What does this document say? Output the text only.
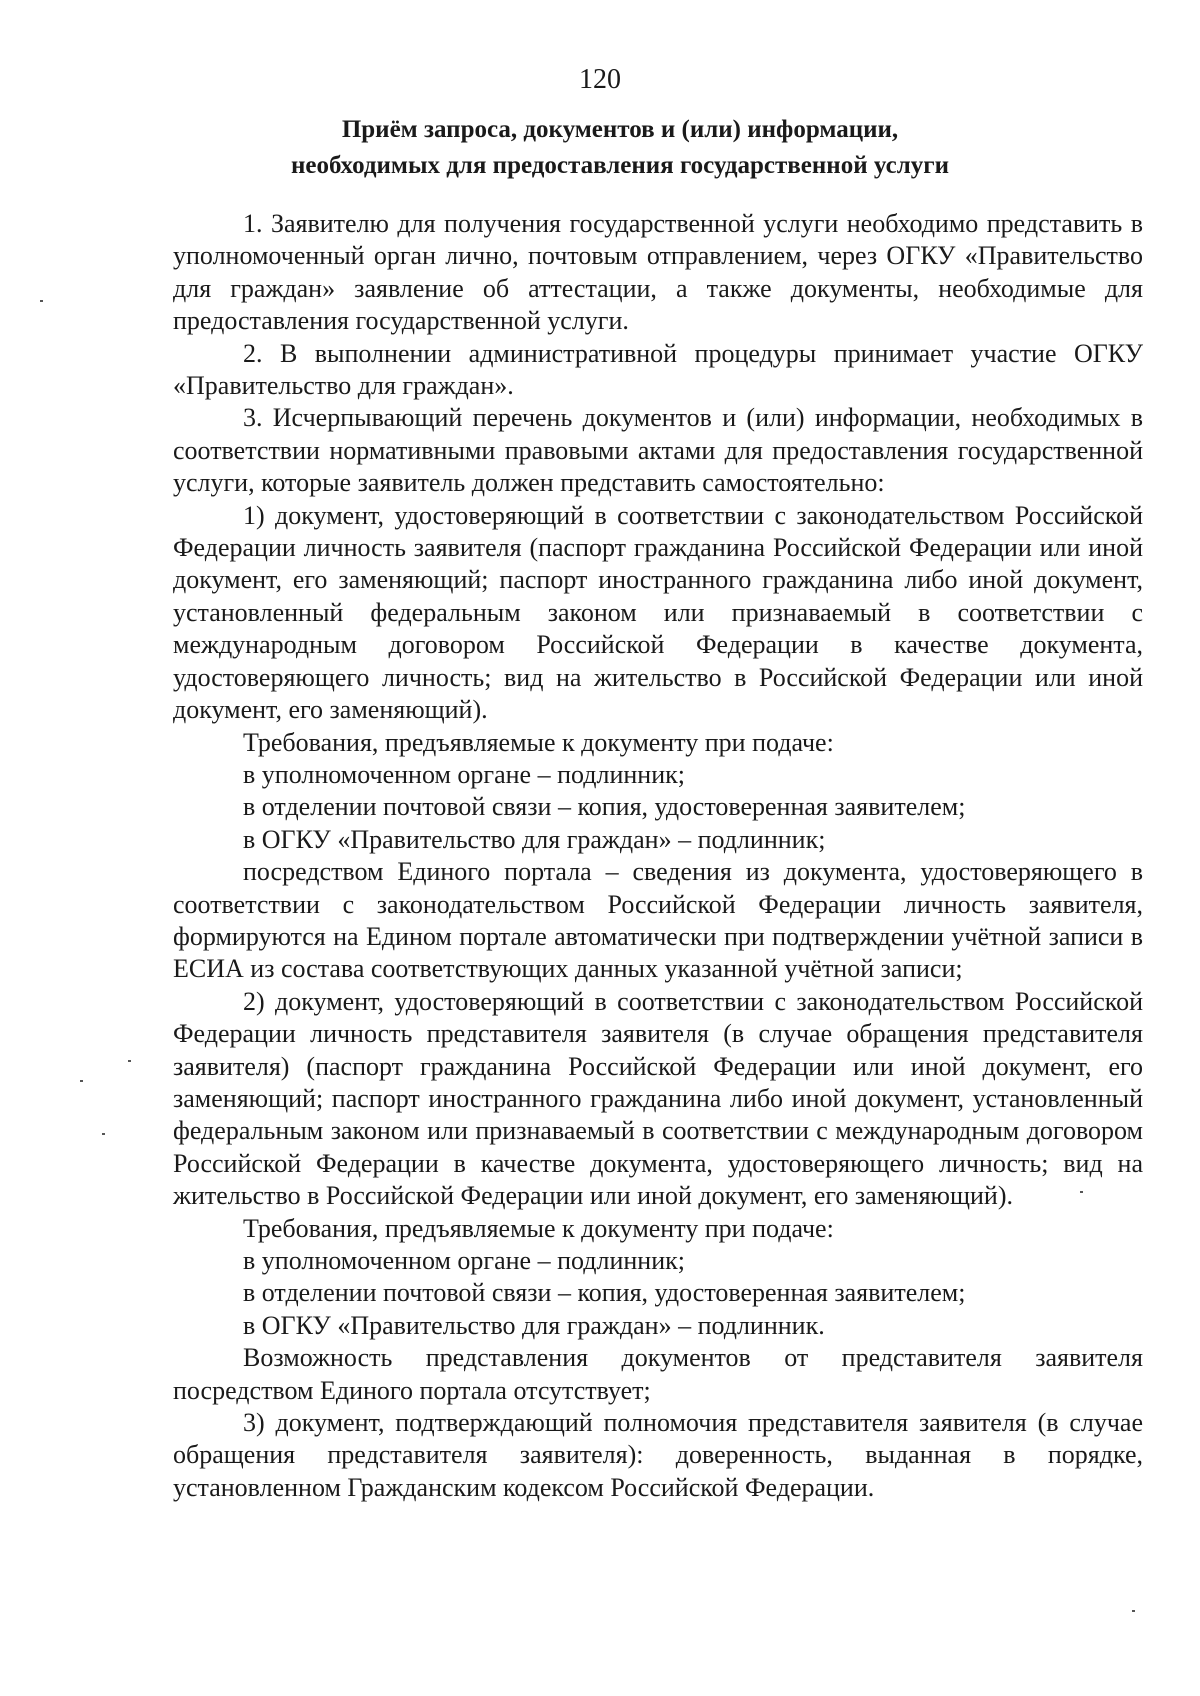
120
Приём запроса, документов и (или) информации,
необходимых для предоставления государственной услуги

1. Заявителю для получения государственной услуги необходимо представить в уполномоченный орган лично, почтовым отправлением, через ОГКУ «Правительство для граждан» заявление об аттестации, а также документы, необходимые для предоставления государственной услуги.

2. В выполнении административной процедуры принимает участие ОГКУ «Правительство для граждан».

3. Исчерпывающий перечень документов и (или) информации, необходимых в соответствии нормативными правовыми актами для предоставления государственной услуги, которые заявитель должен представить самостоятельно:

1) документ, удостоверяющий в соответствии с законодательством Российской Федерации личность заявителя (паспорт гражданина Российской Федерации или иной документ, его заменяющий; паспорт иностранного гражданина либо иной документ, установленный федеральным законом или признаваемый в соответствии с международным договором Российской Федерации в качестве документа, удостоверяющего личность; вид на жительство в Российской Федерации или иной документ, его заменяющий).

Требования, предъявляемые к документу при подаче:

в уполномоченном органе – подлинник;

в отделении почтовой связи – копия, удостоверенная заявителем;

в ОГКУ «Правительство для граждан» – подлинник;

посредством Единого портала – сведения из документа, удостоверяющего в соответствии с законодательством Российской Федерации личность заявителя, формируются на Едином портале автоматически при подтверждении учётной записи в ЕСИА из состава соответствующих данных указанной учётной записи;

2) документ, удостоверяющий в соответствии с законодательством Российской Федерации личность представителя заявителя (в случае обращения представителя заявителя) (паспорт гражданина Российской Федерации или иной документ, его заменяющий; паспорт иностранного гражданина либо иной документ, установленный федеральным законом или признаваемый в соответствии с международным договором Российской Федерации в качестве документа, удостоверяющего личность; вид на жительство в Российской Федерации или иной документ, его заменяющий).

Требования, предъявляемые к документу при подаче:

в уполномоченном органе – подлинник;

в отделении почтовой связи – копия, удостоверенная заявителем;

в ОГКУ «Правительство для граждан» – подлинник.

Возможность представления документов от представителя заявителя посредством Единого портала отсутствует;

3) документ, подтверждающий полномочия представителя заявителя (в случае обращения представителя заявителя): доверенность, выданная в порядке, установленном Гражданским кодексом Российской Федерации.
